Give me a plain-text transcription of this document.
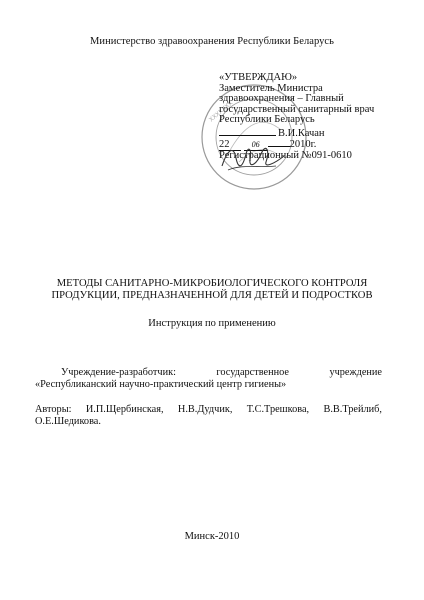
Министерство здравоохранения Республики Беларусь
ХХХХХХХ
«УТВЕРЖДАЮ»
Заместитель Министра
здравоохранения – Главный
государственный санитарный врач
Республики Беларусь
В.И.Качан
22	06	2010г.
Регистрационный №091-0610
МЕТОДЫ САНИТАРНО-МИКРОБИОЛОГИЧЕСКОГО КОНТРОЛЯ
ПРОДУКЦИИ, ПРЕДНАЗНАЧЕННОЙ ДЛЯ ДЕТЕЙ И ПОДРОСТКОВ
Инструкция по применению
Учреждение-разработчик:	государственное	учреждение
«Республиканский научно-практический центр гигиены»
Авторы: И.П.Щербинская, Н.В.Дудчик, Т.С.Трешкова, В.В.Трейлиб,
О.Е.Шедикова.
Минск-2010
